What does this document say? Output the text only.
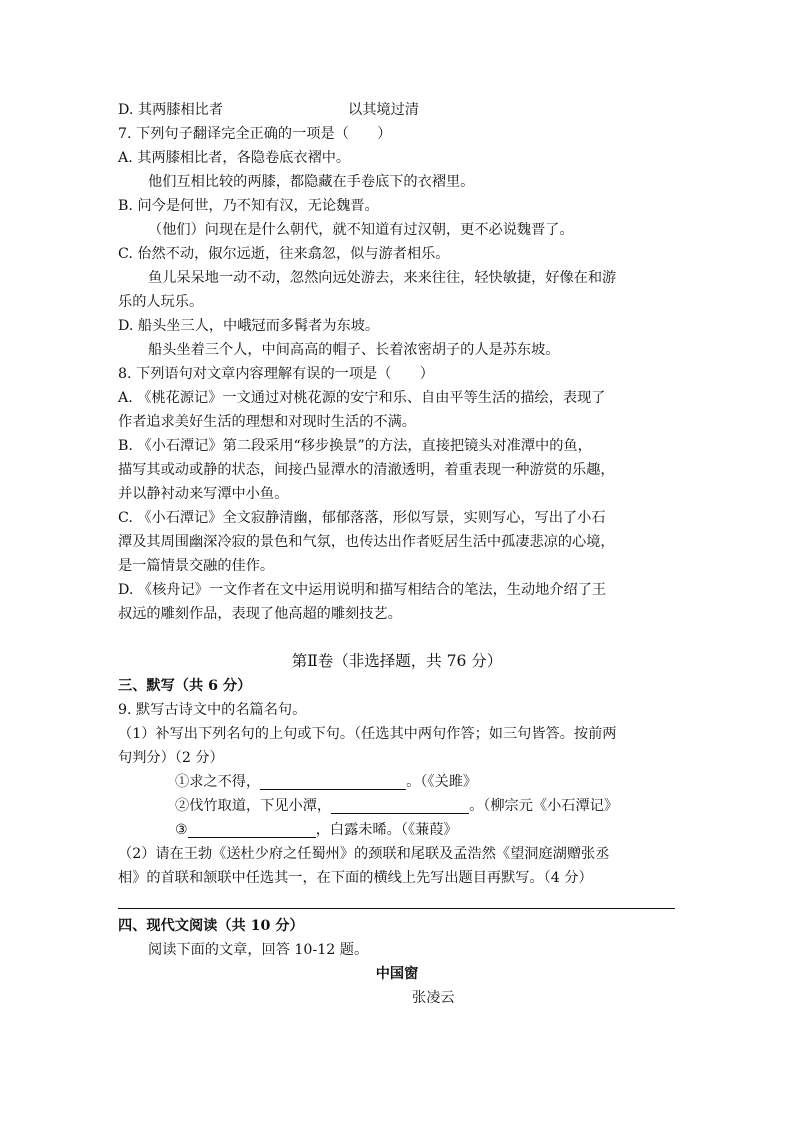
D. 其两膝相比者	以其境过清
7. 下列句子翻译完全正确的一项是（　　）
A. 其两膝相比者，各隐卷底衣褶中。
他们互相比较的两膝，都隐藏在手卷底下的衣褶里。
B. 问今是何世，乃不知有汉，无论魏晋。
（他们）问现在是什么朝代，就不知道有过汉朝，更不必说魏晋了。
C. 佁然不动，俶尔远逝，往来翕忽，似与游者相乐。
鱼儿呆呆地一动不动，忽然向远处游去，来来往往，轻快敏捷，好像在和游
乐的人玩乐。
D. 船头坐三人，中峨冠而多髯者为东坡。
船头坐着三个人，中间高高的帽子、长着浓密胡子的人是苏东坡。
8. 下列语句对文章内容理解有误的一项是（　　）
A. 《桃花源记》一文通过对桃花源的安宁和乐、自由平等生活的描绘，表现了
作者追求美好生活的理想和对现时生活的不满。
B. 《小石潭记》第二段采用“移步换景”的方法，直接把镜头对准潭中的鱼，
描写其或动或静的状态，间接凸显潭水的清澈透明，着重表现一种游赏的乐趣，
并以静衬动来写潭中小鱼。
C. 《小石潭记》全文寂静清幽，郁郁落落，形似写景，实则写心，写出了小石
潭及其周围幽深冷寂的景色和气氛，也传达出作者贬居生活中孤凄悲凉的心境，
是一篇情景交融的佳作。
D. 《核舟记》一文作者在文中运用说明和描写相结合的笔法，生动地介绍了王
叔远的雕刻作品，表现了他高超的雕刻技艺。
第Ⅱ卷（非选择题，共 76 分）
三、默写（共 6 分）
9. 默写古诗文中的名篇名句。
（1）补写出下列名句的上句或下句。（任选其中两句作答；如三句皆答。按前两
句判分）（2 分）
①求之不得，	。（《关雎》
②伐竹取道，下见小潭，	。（柳宗元《小石潭记》
③	，白露未晞。（《蒹葭》
（2）请在王勃《送杜少府之任蜀州》的颈联和尾联及孟浩然《望洞庭湖赠张丞
相》的首联和颔联中任选其一，在下面的横线上先写出题目再默写。（4 分）
四、现代文阅读（共 10 分）
阅读下面的文章，回答 10-12 题。
中国窗
张凌云
